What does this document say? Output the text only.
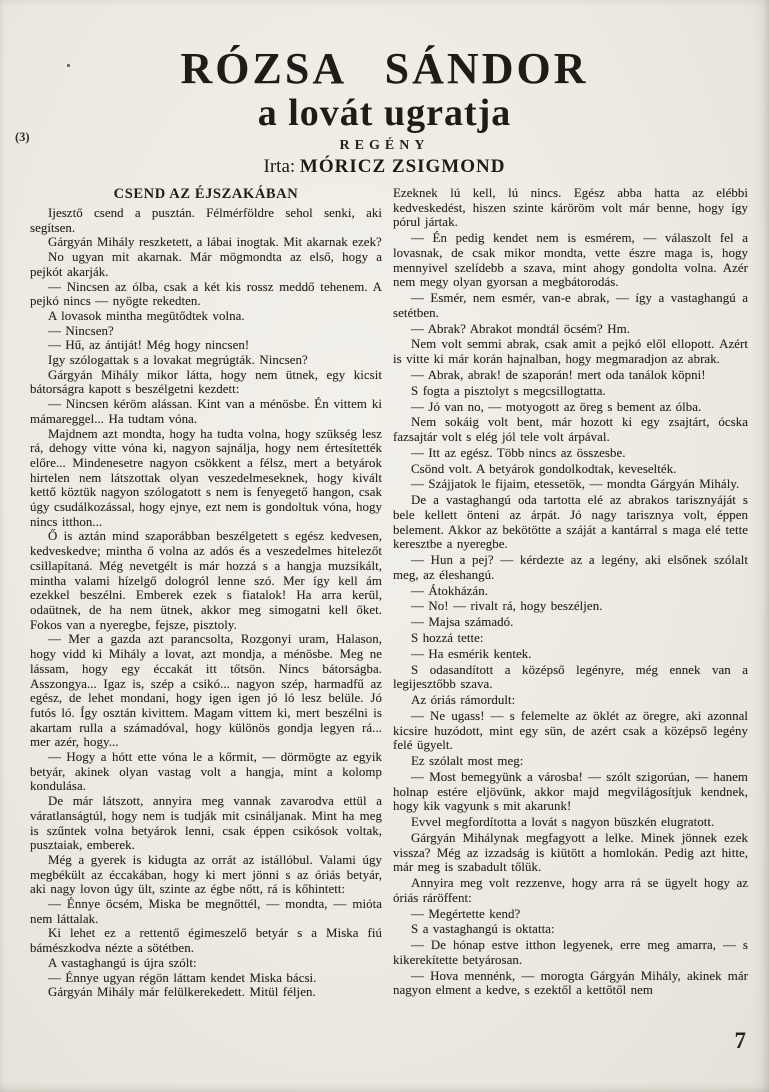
(3)
RÓZSA SÁNDOR
a lovát ugratja
REGÉNY
Irta: MÓRICZ ZSIGMOND
CSEND AZ ÉJSZAKÁBAN

Ijesztő csend a pusztán. Félmérföldre sehol senki, aki segítsen.

Gárgyán Mihály reszketett, a lábai inogtak. Mit akarnak ezek?

No ugyan mit akarnak. Már mögmondta az első, hogy a pejkót akarják.

— Nincsen az ólba, csak a két kis rossz meddő tehenem. A pejkó nincs — nyögte rekedten.

A lovasok mintha megütődtek volna.

— Nincsen?

— Hű, az ántiját! Még hogy nincsen!

Igy szólogattak s a lovakat megrúgták. Nincsen?

Gárgyán Mihály mikor látta, hogy nem ütnek, egy kicsit bátorságra kapott s beszélgetni kezdett:

— Nincsen kéröm alássan. Kint van a ménösbe. Én vittem ki mámareggel... Ha tudtam vóna.

Majdnem azt mondta, hogy ha tudta volna, hogy szükség lesz rá, dehogy vitte vóna ki, nagyon sajnálja, hogy nem értesítették előre... Mindenesetre nagyon csökkent a félsz, mert a betyárok hirtelen nem látszottak olyan veszedelmeseknek, hogy kivált kettő köztük nagyon szólogatott s nem is fenyegető hangon, csak úgy csudálkozással, hogy ejnye, ezt nem is gondoltuk vóna, hogy nincs itthon...

Ő is aztán mind szaporábban beszélgetett s egész kedvesen, kedveskedve; mintha ő volna az adós és a veszedelmes hitelezőt csillapítaná. Még nevetgélt is már hozzá s a hangja muzsikált, mintha valami hízelgő dologról lenne szó. Mer így kell ám ezekkel beszélni. Emberek ezek s fiatalok! Ha arra kerül, odaütnek, de ha nem ütnek, akkor meg simogatni kell őket. Fokos van a nyeregbe, fejsze, pisztoly.

— Mer a gazda azt parancsolta, Rozgonyi uram, Halason, hogy vidd ki Mihály a lovat, azt mondja, a ménösbe. Meg ne lássam, hogy egy éccakát itt tőtsön. Nincs bátorságba. Asszongya... Igaz is, szép a csikó... nagyon szép, harmadfű az egész, de lehet mondani, hogy igen igen jó ló lesz belüle. Jó futós ló. Így osztán kivittem. Magam vittem ki, mert beszélni is akartam rulla a számadóval, hogy különös gondja legyen rá... mer azér, hogy...

— Hogy a hótt ette vóna le a kőrmit, — dörmögte az egyik betyár, akinek olyan vastag volt a hangja, mint a kolomp kondulása.

De már látszott, annyira meg vannak zavarodva ettül a váratlanságtúl, hogy nem is tudják mit csináljanak. Mint ha meg is szűntek volna betyárok lenni, csak éppen csikósok voltak, pusztaiak, emberek.

Még a gyerek is kidugta az orrát az istállóbul. Valami úgy megbékült az éccakában, hogy ki mert jönni s az óriás betyár, aki nagy lovon úgy ült, szinte az égbe nőtt, rá is kőhintett:

— Énnye öcsém, Miska be megnőttél, — mondta, — mióta nem láttalak.

Ki lehet ez a rettentő égimeszelő betyár s a Miska fiú bámészkodva nézte a sötétben.

A vastaghangú is újra szólt:

— Énnye ugyan régön láttam kendet Miska bácsi.

Gárgyán Mihály már felülkerekedett. Mitül féljen.

Ezeknek lú kell, lú nincs. Egész abba hatta az elébbi kedveskedést, hiszen szinte káröröm volt már benne, hogy így pórul jártak.

— Én pedig kendet nem is esmérem, — válaszolt fel a lovasnak, de csak mikor mondta, vette észre maga is, hogy mennyivel szelídebb a szava, mint ahogy gondolta volna. Azér nem megy olyan gyorsan a megbátorodás.

— Esmér, nem esmér, van-e abrak, — így a vastaghangú a setétben.

— Abrak? Abrakot mondtál öcsém? Hm.

Nem volt semmi abrak, csak amit a pejkó elől ellopott. Azért is vitte ki már korán hajnalban, hogy megmaradjon az abrak.

— Abrak, abrak! de szaporán! mert oda tanálok köpni!

S fogta a pisztolyt s megcsillogtatta.

— Jó van no, — motyogott az öreg s bement az ólba.

Nem sokáig volt bent, már hozott ki egy zsajtárt, ócska fazsajtár volt s elég jól tele volt árpával.

— Itt az egész. Több nincs az összesbe.

Csönd volt. A betyárok gondolkodtak, keveselték.

— Szájjatok le fijaim, etessetök, — mondta Gárgyán Mihály.

De a vastaghangú oda tartotta elé az abrakos tarisznyáját s bele kellett önteni az árpát. Jó nagy tarisznya volt, éppen belement. Akkor az bekötötte a száját a kantárral s maga elé tette keresztbe a nyeregbe.

— Hun a pej? — kérdezte az a legény, aki elsőnek szólalt meg, az éleshangú.

— Átokházán.

— No! — rivalt rá, hogy beszéljen.

— Majsa számadó.

S hozzá tette:

— Ha esmérik kentek.

S odasandított a középső legényre, még ennek van a legijesztőbb szava.

Az óriás rámordult:

— Ne ugass! — s felemelte az öklét az öregre, aki azonnal kicsire huzódott, mint egy sün, de azért csak a középső legény felé ügyelt.

Ez szólalt most meg:

— Most bemegyünk a városba! — szólt szigorúan, — hanem holnap estére eljövünk, akkor majd megvilágosítjuk kendnek, hogy kik vagyunk s mit akarunk!

Evvel megfordította a lovát s nagyon büszkén elugratott.

Gárgyán Mihálynak megfagyott a lelke. Minek jönnek ezek vissza? Még az izzadság is kiütött a homlokán. Pedig azt hitte, már meg is szabadult tőlük.

Annyira meg volt rezzenve, hogy arra rá se ügyelt hogy az óriás ráröffent:

— Megértette kend?

S a vastaghangú is oktatta:

— De hónap estve itthon legyenek, erre meg amarra, — s kikerekítette betyárosan.

— Hova mennénk, — morogta Gárgyán Mihály, akinek már nagyon elment a kedve, s ezektől a kettőtől nem

7
